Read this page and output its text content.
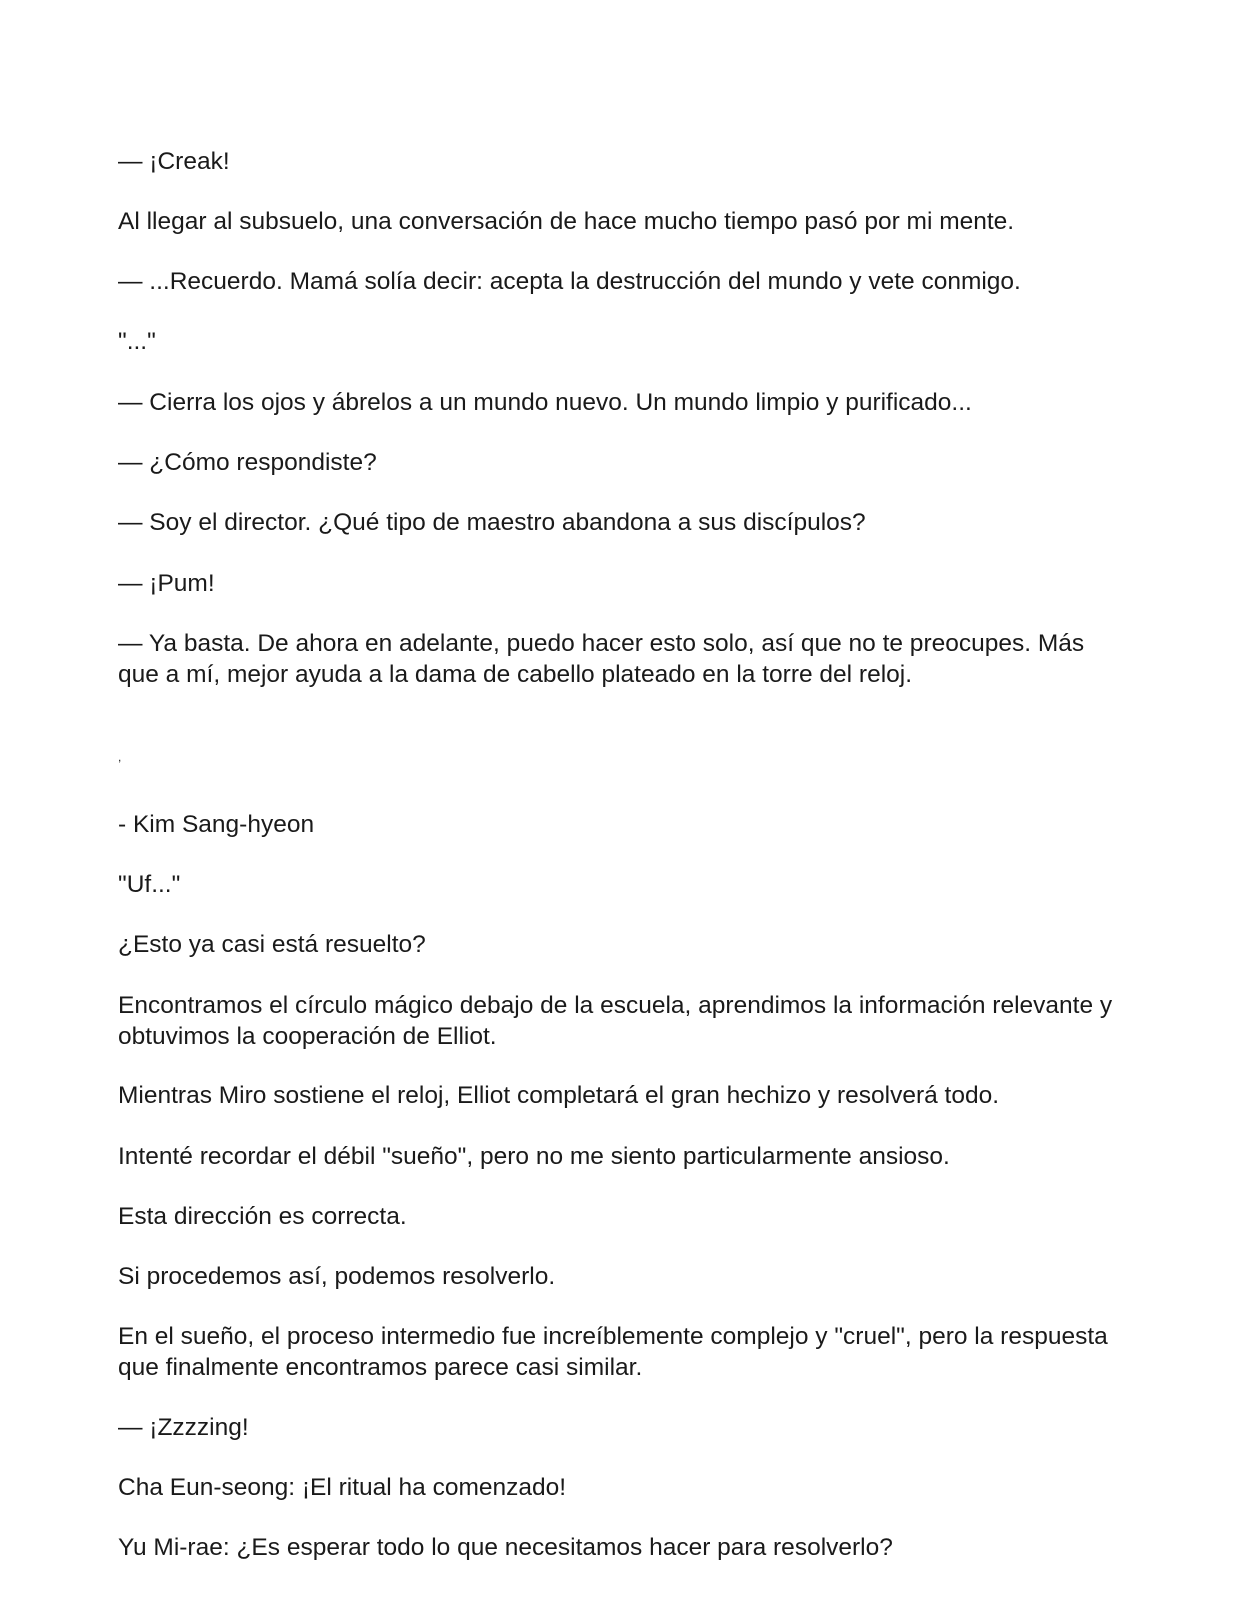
— ¡Creak!

Al llegar al subsuelo, una conversación de hace mucho tiempo pasó por mi mente.

— ...Recuerdo. Mamá solía decir: acepta la destrucción del mundo y vete conmigo.

"..."

— Cierra los ojos y ábrelos a un mundo nuevo. Un mundo limpio y purificado...

— ¿Cómo respondiste?

— Soy el director. ¿Qué tipo de maestro abandona a sus discípulos?

— ¡Pum!

— Ya basta. De ahora en adelante, puedo hacer esto solo, así que no te preocupes. Más que a mí, mejor ayuda a la dama de cabello plateado en la torre del reloj.

,

- Kim Sang-hyeon

"Uf..."

¿Esto ya casi está resuelto?

Encontramos el círculo mágico debajo de la escuela, aprendimos la información relevante y obtuvimos la cooperación de Elliot.

Mientras Miro sostiene el reloj, Elliot completará el gran hechizo y resolverá todo.

Intenté recordar el débil "sueño", pero no me siento particularmente ansioso.

Esta dirección es correcta.

Si procedemos así, podemos resolverlo.

En el sueño, el proceso intermedio fue increíblemente complejo y "cruel", pero la respuesta que finalmente encontramos parece casi similar.

— ¡Zzzzing!

Cha Eun-seong: ¡El ritual ha comenzado!

Yu Mi-rae: ¿Es esperar todo lo que necesitamos hacer para resolverlo?
